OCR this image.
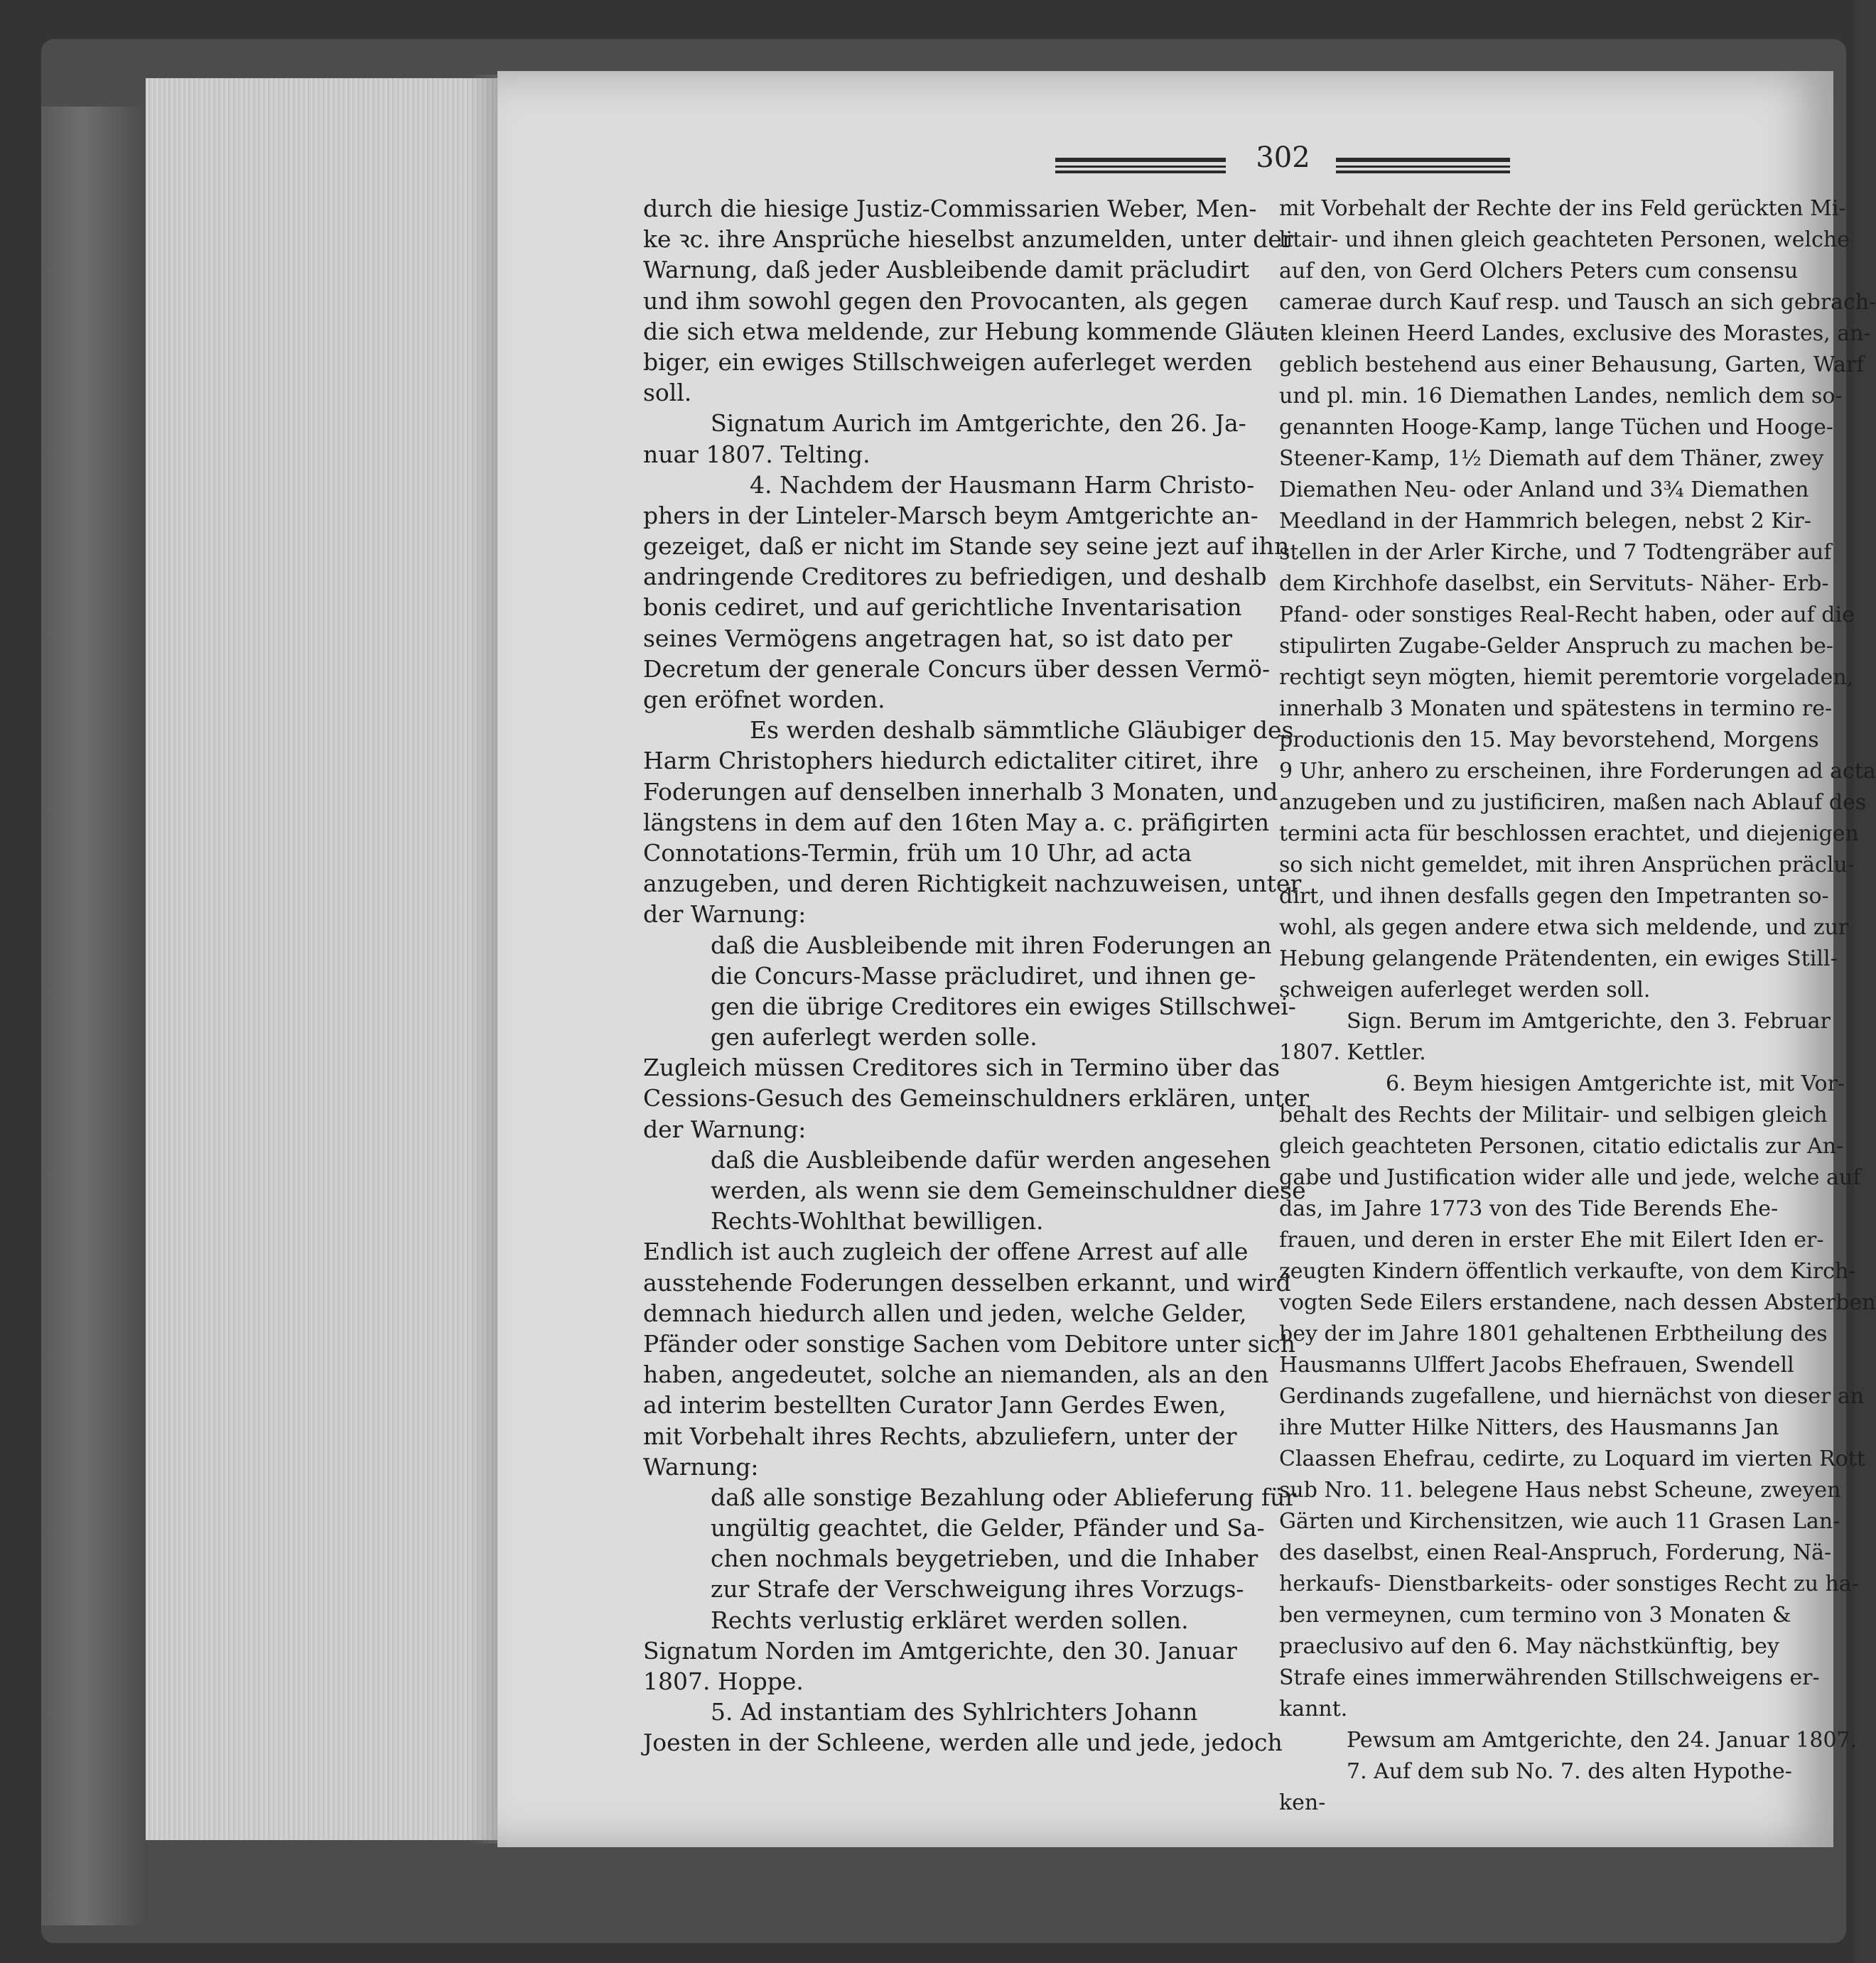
302

durch die hiesige Justiz-Commissarien Weber, Men-

ke ꝛc. ihre Ansprüche hieselbst anzumelden, unter der

Warnung, daß jeder Ausbleibende damit präcludirt

und ihm sowohl gegen den Provocanten, als gegen

die sich etwa meldende, zur Hebung kommende Gläu-

biger, ein ewiges Stillschweigen auferleget werden

soll.

Signatum Aurich im Amtgerichte, den 26. Ja-

nuar 1807. Telting.

4. Nachdem der Hausmann Harm Christo-

phers in der Linteler-Marsch beym Amtgerichte an-

gezeiget, daß er nicht im Stande sey seine jezt auf ihn

andringende Creditores zu befriedigen, und deshalb

bonis cediret, und auf gerichtliche Inventarisation

seines Vermögens angetragen hat, so ist dato per

Decretum der generale Concurs über dessen Vermö-

gen eröfnet worden.

Es werden deshalb sämmtliche Gläubiger des

Harm Christophers hiedurch edictaliter citiret, ihre

Foderungen auf denselben innerhalb 3 Monaten, und

längstens in dem auf den 16ten May a. c. präfigirten

Connotations-Termin, früh um 10 Uhr, ad acta

anzugeben, und deren Richtigkeit nachzuweisen, unter

der Warnung:

daß die Ausbleibende mit ihren Foderungen an

die Concurs-Masse präcludiret, und ihnen ge-

gen die übrige Creditores ein ewiges Stillschwei-

gen auferlegt werden solle.

Zugleich müssen Creditores sich in Termino über das

Cessions-Gesuch des Gemeinschuldners erklären, unter

der Warnung:

daß die Ausbleibende dafür werden angesehen

werden, als wenn sie dem Gemeinschuldner diese

Rechts-Wohlthat bewilligen.

Endlich ist auch zugleich der offene Arrest auf alle

ausstehende Foderungen desselben erkannt, und wird

demnach hiedurch allen und jeden, welche Gelder,

Pfänder oder sonstige Sachen vom Debitore unter sich

haben, angedeutet, solche an niemanden, als an den

ad interim bestellten Curator Jann Gerdes Ewen,

mit Vorbehalt ihres Rechts, abzuliefern, unter der

Warnung:

daß alle sonstige Bezahlung oder Ablieferung für

ungültig geachtet, die Gelder, Pfänder und Sa-

chen nochmals beygetrieben, und die Inhaber

zur Strafe der Verschweigung ihres Vorzugs-

Rechts verlustig erkläret werden sollen.

Signatum Norden im Amtgerichte, den 30. Januar

1807. Hoppe.

5. Ad instantiam des Syhlrichters Johann

Joesten in der Schleene, werden alle und jede, jedoch

mit Vorbehalt der Rechte der ins Feld gerückten Mi-

litair- und ihnen gleich geachteten Personen, welche

auf den, von Gerd Olchers Peters cum consensu

camerae durch Kauf resp. und Tausch an sich gebrach-

ten kleinen Heerd Landes, exclusive des Morastes, an-

geblich bestehend aus einer Behausung, Garten, Warf

und pl. min. 16 Diemathen Landes, nemlich dem so-

genannten Hooge-Kamp, lange Tüchen und Hooge-

Steener-Kamp, 1½ Diemath auf dem Thäner, zwey

Diemathen Neu- oder Anland und 3¾ Diemathen

Meedland in der Hammrich belegen, nebst 2 Kir-

stellen in der Arler Kirche, und 7 Todtengräber auf

dem Kirchhofe daselbst, ein Servituts- Näher- Erb-

Pfand- oder sonstiges Real-Recht haben, oder auf die

stipulirten Zugabe-Gelder Anspruch zu machen be-

rechtigt seyn mögten, hiemit peremtorie vorgeladen,

innerhalb 3 Monaten und spätestens in termino re-

productionis den 15. May bevorstehend, Morgens

9 Uhr, anhero zu erscheinen, ihre Forderungen ad acta

anzugeben und zu justificiren, maßen nach Ablauf des

termini acta für beschlossen erachtet, und diejenigen

so sich nicht gemeldet, mit ihren Ansprüchen präclu-

dirt, und ihnen desfalls gegen den Impetranten so-

wohl, als gegen andere etwa sich meldende, und zur

Hebung gelangende Prätendenten, ein ewiges Still-

schweigen auferleget werden soll.

Sign. Berum im Amtgerichte, den 3. Februar

1807. Kettler.

6. Beym hiesigen Amtgerichte ist, mit Vor-

behalt des Rechts der Militair- und selbigen gleich

gleich geachteten Personen, citatio edictalis zur An-

gabe und Justification wider alle und jede, welche auf

das, im Jahre 1773 von des Tide Berends Ehe-

frauen, und deren in erster Ehe mit Eilert Iden er-

zeugten Kindern öffentlich verkaufte, von dem Kirch-

vogten Sede Eilers erstandene, nach dessen Absterben

bey der im Jahre 1801 gehaltenen Erbtheilung des

Hausmanns Ulffert Jacobs Ehefrauen, Swendell

Gerdinands zugefallene, und hiernächst von dieser an

ihre Mutter Hilke Nitters, des Hausmanns Jan

Claassen Ehefrau, cedirte, zu Loquard im vierten Rott

sub Nro. 11. belegene Haus nebst Scheune, zweyen

Gärten und Kirchensitzen, wie auch 11 Grasen Lan-

des daselbst, einen Real-Anspruch, Forderung, Nä-

herkaufs- Dienstbarkeits- oder sonstiges Recht zu ha-

ben vermeynen, cum termino von 3 Monaten &

praeclusivo auf den 6. May nächstkünftig, bey

Strafe eines immerwährenden Stillschweigens er-

kannt.

Pewsum am Amtgerichte, den 24. Januar 1807.

7. Auf dem sub No. 7. des alten Hypothe-

ken-
